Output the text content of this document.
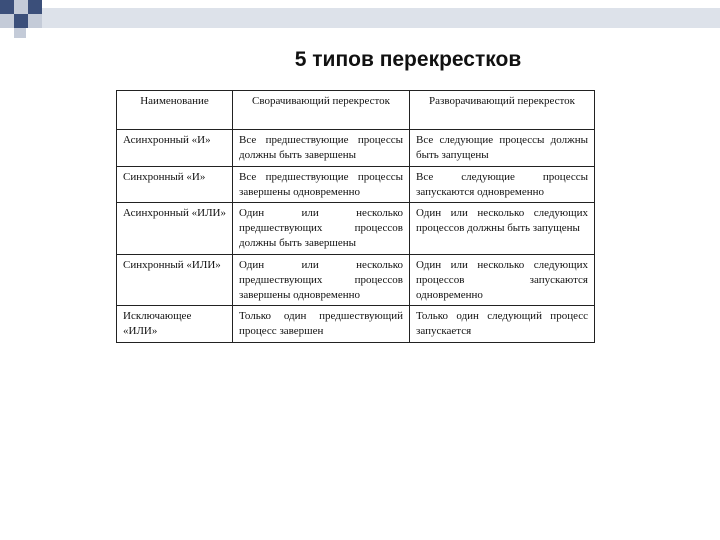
5 типов перекрестков
Наименование	Сворачивающий перекресток	Разворачивающий перекресток
Асинхронный «И»	Все предшествующие процессы должны быть завершены	Все следующие процессы должны быть запущены
Синхронный «И»	Все предшествующие процессы завершены одновременно	Все следующие процессы запускаются одновременно
Асинхронный «ИЛИ»	Один или несколько предшествующих процессов должны быть завершены	Один или несколько следующих процессов должны быть запущены
Синхронный «ИЛИ»	Один или несколько предшествующих процессов завершены одновременно	Один или несколько следующих процессов запускаются одновременно
Исключающее «ИЛИ»	Только один предшествующий процесс завершен	Только один следующий процесс запускается
